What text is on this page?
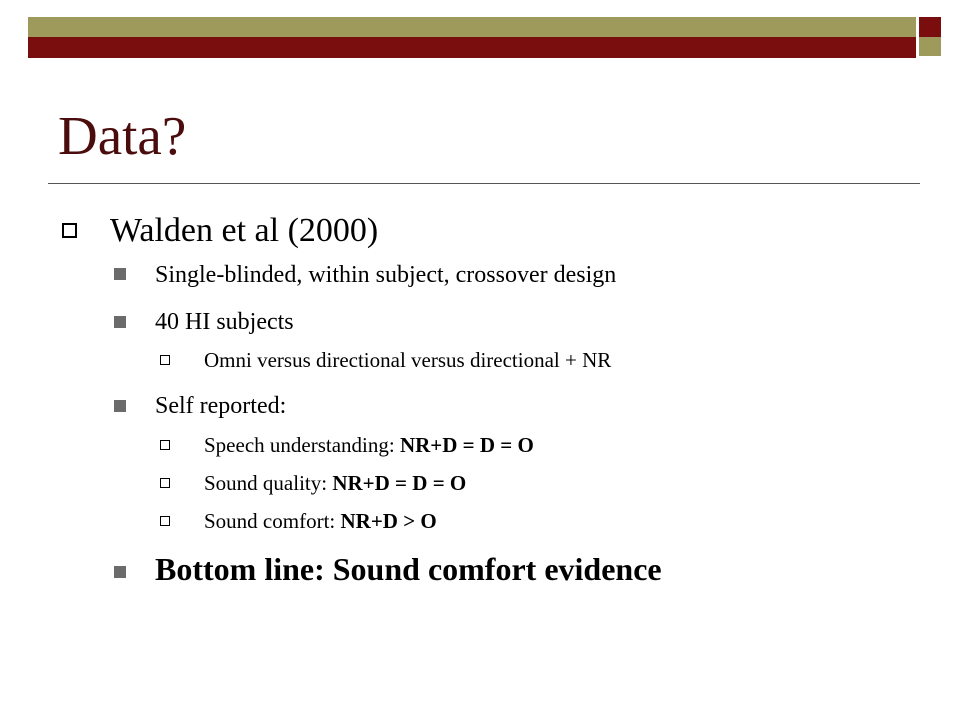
Data?
Walden et al (2000)
Single-blinded, within subject, crossover design
40 HI subjects
Omni versus directional versus directional + NR
Self reported:
Speech understanding: NR+D = D = O
Sound quality: NR+D = D = O
Sound comfort: NR+D > O
Bottom line: Sound comfort evidence
